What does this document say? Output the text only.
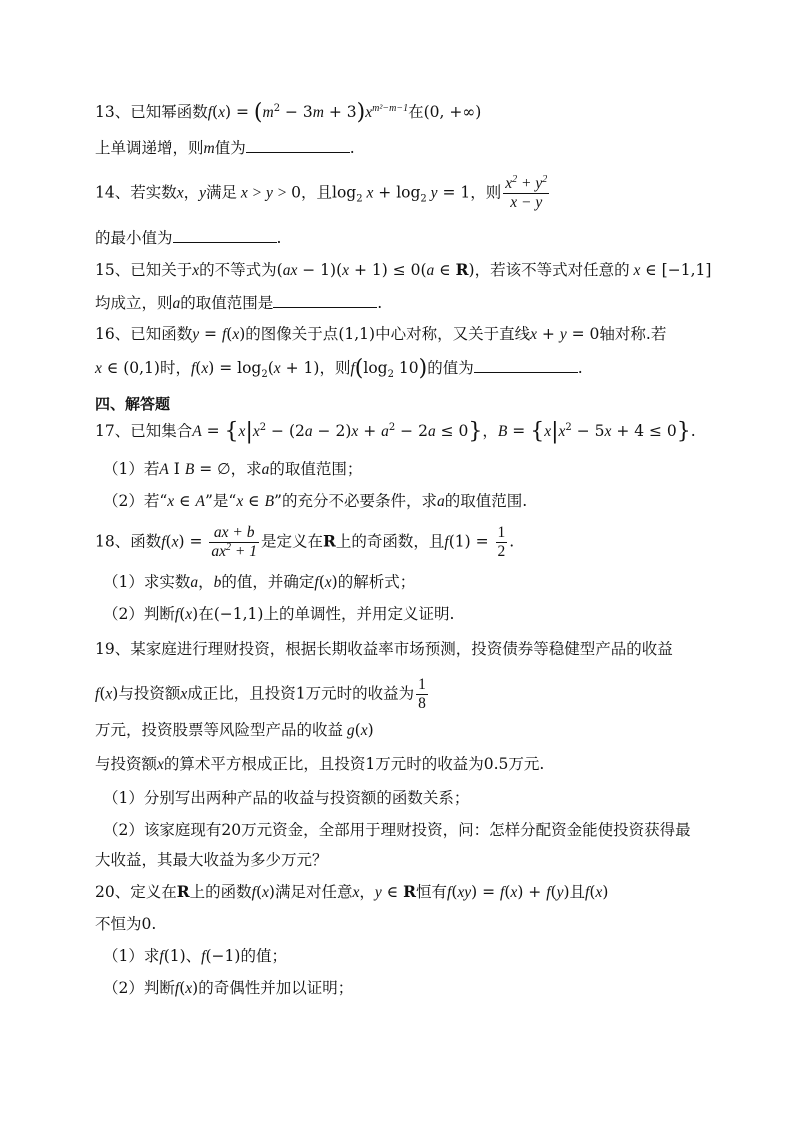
13、已知幂函数$f(x) = (m^2 - 3m + 3)x^{m^2-m-1}$在(0, +∞)
上单调递增，则m值为	.
14、若实数x，y满足 x > y > 0，且$\log_2 x + \log_2 y = 1$，则 $\frac{x^2 + y^2}{x - y}$
的最小值为	.
15、已知关于x的不等式为(ax − 1)(x + 1) ≤ 0(a ∈ R)，若该不等式对任意的 x ∈ [−1,1]
均成立，则a的取值范围是	.
16、已知函数y = f(x)的图像关于点(1,1)中心对称，又关于直线x + y = 0轴对称.若
x ∈ (0,1)时，$f(x) = \log_2(x + 1)$，则$f(\log_2$ 10)的值为	.
四、解答题
17、已知集合$A = \{x|x^2 - (2a - 2)x + a^2 - 2a \le 0\}$，$B = \{x|x^2 - 5x + 4 \le 0\}$.
（1）若A I B = ∅，求a的取值范围；
（2）若“x ∈ A”是“x ∈ B”的充分不必要条件，求a的取值范围.
18、函数$f(x) = \frac{ax + b}{ax^2 + 1}$ 是定义在R上的奇函数，且$f(1) = \frac{1}{2}$ .
（1）求实数a，b的值，并确定f(x)的解析式；
（2）判断f(x)在(−1,1)上的单调性，并用定义证明.
19、某家庭进行理财投资，根据长期收益率市场预测，投资债券等稳健型产品的收益
f(x)与投资额x成正比，且投资1万元时的收益为 $\frac{1}{8}$
万元，投资股票等风险型产品的收益 g(x)
与投资额x的算术平方根成正比，且投资1万元时的收益为0.5万元.
（1）分别写出两种产品的收益与投资额的函数关系；
（2）该家庭现有20万元资金，全部用于理财投资，问：怎样分配资金能使投资获得最
大收益，其最大收益为多少万元？
20、定义在R上的函数f(x)满足对任意x，y ∈ R恒有f(xy) = f(x) + f(y)且f(x)
不恒为0.
（1）求f(1)、f(−1)的值；
（2）判断f(x)的奇偶性并加以证明；
